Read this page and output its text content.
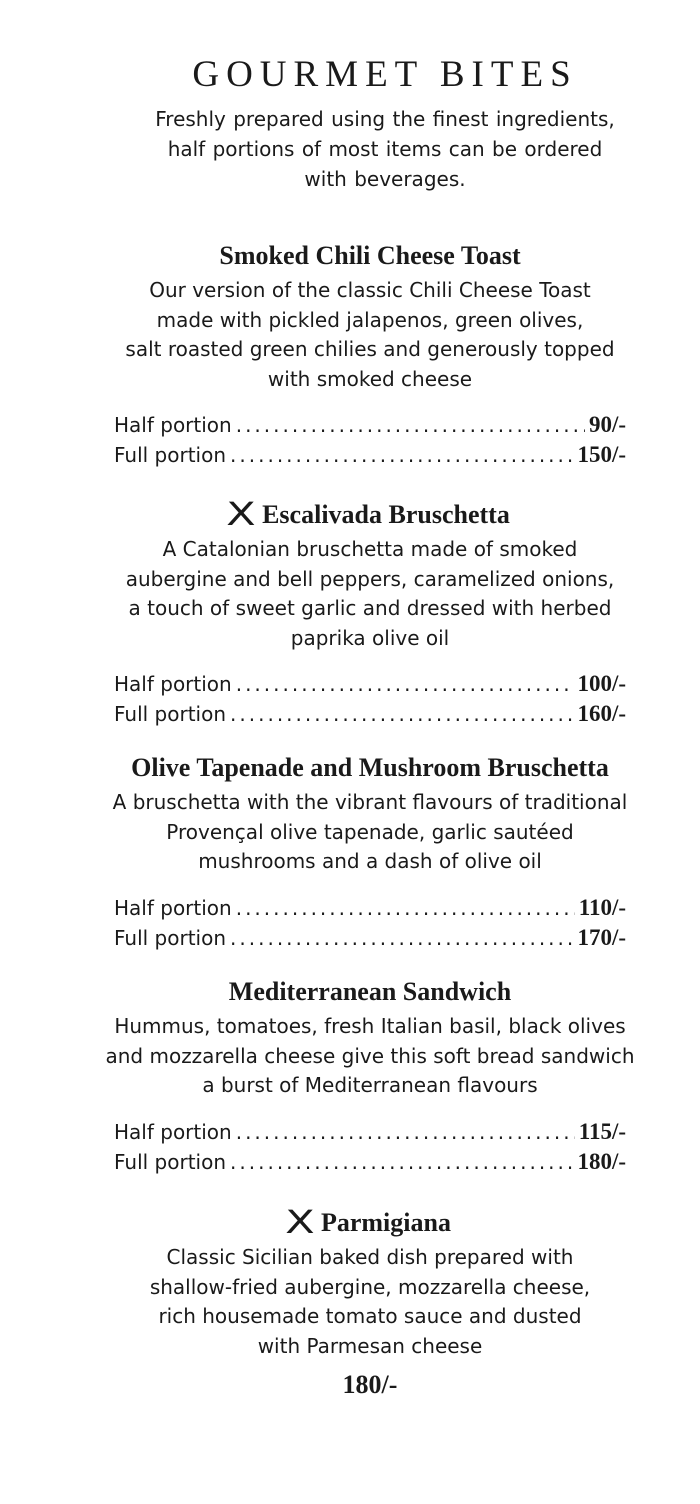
GOURMET BITES
Freshly prepared using the finest ingredients,
half portions of most items can be ordered
with beverages.
Smoked Chili Cheese Toast
Our version of the classic Chili Cheese Toast
made with pickled jalapenos, green olives,
salt roasted green chilies and generously topped
with smoked cheese
Half portion .....	90/-
Full portion .....	150/-
X Escalivada Bruschetta
A Catalonian bruschetta made of smoked
aubergine and bell peppers, caramelized onions,
a touch of sweet garlic and dressed with herbed
paprika olive oil
Half portion .....	100/-
Full portion .....	160/-
Olive Tapenade and Mushroom Bruschetta
A bruschetta with the vibrant flavours of traditional
Provençal olive tapenade, garlic sautéed
mushrooms and a dash of olive oil
Half portion .....	110/-
Full portion .....	170/-
Mediterranean Sandwich
Hummus, tomatoes, fresh Italian basil, black olives
and mozzarella cheese give this soft bread sandwich
a burst of Mediterranean flavours
Half portion .....	115/-
Full portion .....	180/-
X Parmigiana
Classic Sicilian baked dish prepared with
shallow-fried aubergine, mozzarella cheese,
rich housemade tomato sauce and dusted
with Parmesan cheese
180/-
